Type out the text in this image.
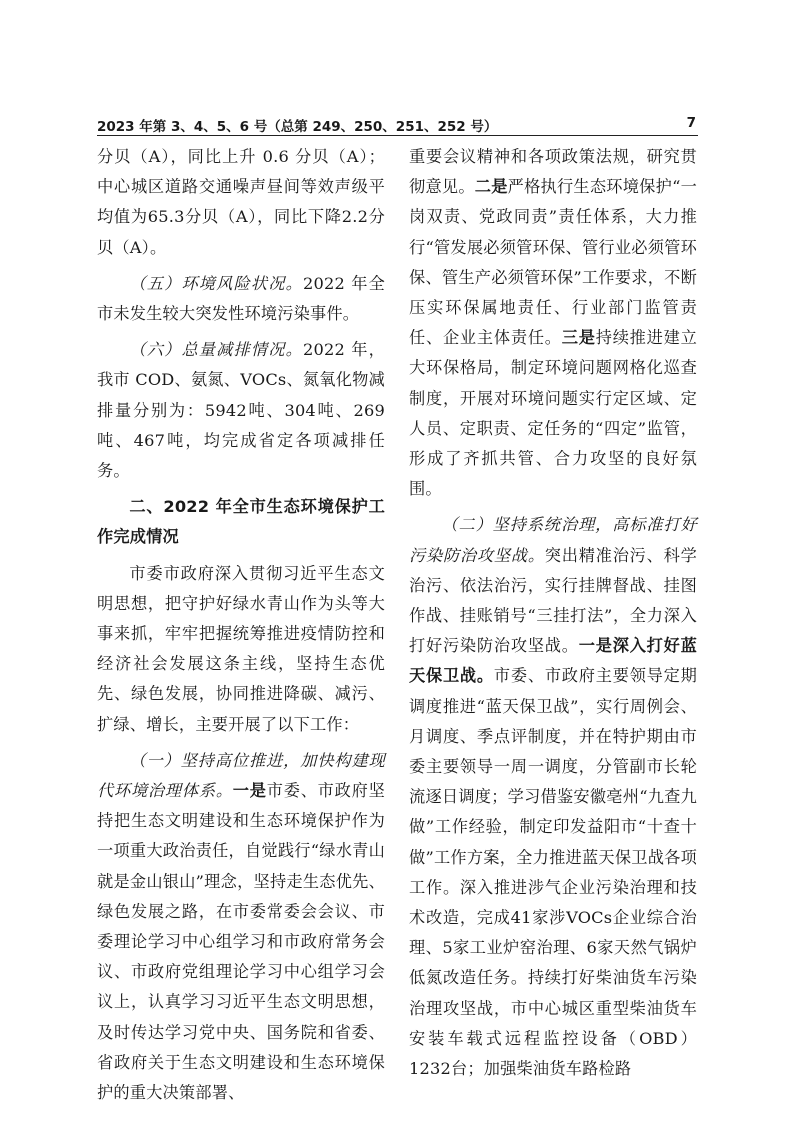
2023 年第 3、4、5、6 号（总第 249、250、251、252 号）	7

分贝（A），同比上升 0.6 分贝（A）；中心城区道路交通噪声昼间等效声级平均值为65.3分贝（A），同比下降2.2分贝（A）。

（五）环境风险状况。2022 年全市未发生较大突发性环境污染事件。

（六）总量减排情况。2022 年，我市 COD、氨氮、VOCs、氮氧化物减排量分别为：5942吨、304吨、269吨、467吨，均完成省定各项减排任务。

二、2022 年全市生态环境保护工作完成情况

市委市政府深入贯彻习近平生态文明思想，把守护好绿水青山作为头等大事来抓，牢牢把握统筹推进疫情防控和经济社会发展这条主线，坚持生态优先、绿色发展，协同推进降碳、减污、扩绿、增长，主要开展了以下工作：

（一）坚持高位推进，加快构建现代环境治理体系。一是市委、市政府坚持把生态文明建设和生态环境保护作为一项重大政治责任，自觉践行“绿水青山就是金山银山”理念，坚持走生态优先、绿色发展之路，在市委常委会会议、市委理论学习中心组学习和市政府常务会议、市政府党组理论学习中心组学习会议上，认真学习习近平生态文明思想，及时传达学习党中央、国务院和省委、省政府关于生态文明建设和生态环境保护的重大决策部署、

重要会议精神和各项政策法规，研究贯彻意见。二是严格执行生态环境保护“一岗双责、党政同责”责任体系，大力推行“管发展必须管环保、管行业必须管环保、管生产必须管环保”工作要求，不断压实环保属地责任、行业部门监管责任、企业主体责任。三是持续推进建立大环保格局，制定环境问题网格化巡查制度，开展对环境问题实行定区域、定人员、定职责、定任务的“四定”监管，形成了齐抓共管、合力攻坚的良好氛围。

（二）坚持系统治理，高标准打好污染防治攻坚战。突出精准治污、科学治污、依法治污，实行挂牌督战、挂图作战、挂账销号“三挂打法”，全力深入打好污染防治攻坚战。一是深入打好蓝天保卫战。市委、市政府主要领导定期调度推进“蓝天保卫战”，实行周例会、月调度、季点评制度，并在特护期由市委主要领导一周一调度，分管副市长轮流逐日调度；学习借鉴安徽亳州“九查九做”工作经验，制定印发益阳市“十查十做”工作方案，全力推进蓝天保卫战各项工作。深入推进涉气企业污染治理和技术改造，完成41家涉VOCs企业综合治理、5家工业炉窑治理、6家天然气锅炉低氮改造任务。持续打好柴油货车污染治理攻坚战，市中心城区重型柴油货车安装车载式远程监控设备（OBD）1232台；加强柴油货车路检路
